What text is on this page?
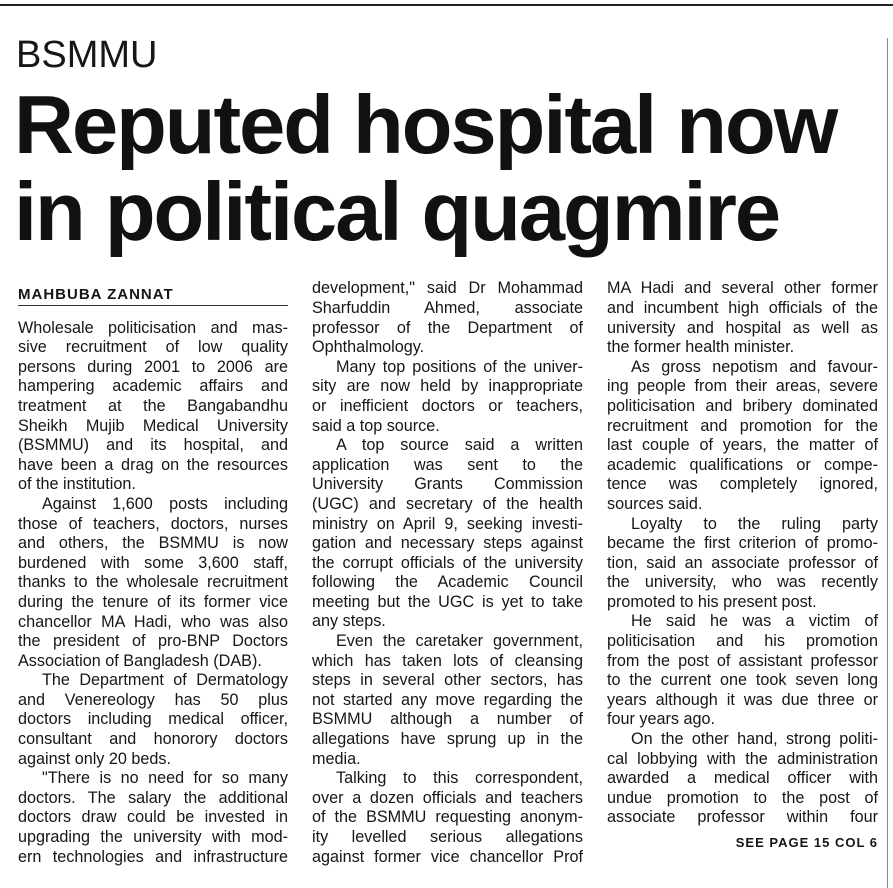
BSMMU
Reputed hospital now
in political quagmire
MAHBUBA ZANNAT
Wholesale politicisation and mas-
sive recruitment of low quality
persons during 2001 to 2006 are
hampering academic affairs and
treatment at the Bangabandhu
Sheikh Mujib Medical University
(BSMMU) and its hospital, and
have been a drag on the resources
of the institution.
Against 1,600 posts including
those of teachers, doctors, nurses
and others, the BSMMU is now
burdened with some 3,600 staff,
thanks to the wholesale recruitment
during the tenure of its former vice
chancellor MA Hadi, who was also
the president of pro-BNP Doctors
Association of Bangladesh (DAB).
The Department of Dermatology
and Venereology has 50 plus
doctors including medical officer,
consultant and honorory doctors
against only 20 beds.
"There is no need for so many
doctors. The salary the additional
doctors draw could be invested in
upgrading the university with mod-
ern technologies and infrastructure
development," said Dr Mohammad
Sharfuddin Ahmed, associate
professor of the Department of
Ophthalmology.
Many top positions of the univer-
sity are now held by inappropriate
or inefficient doctors or teachers,
said a top source.
A top source said a written
application was sent to the
University Grants Commission
(UGC) and secretary of the health
ministry on April 9, seeking investi-
gation and necessary steps against
the corrupt officials of the university
following the Academic Council
meeting but the UGC is yet to take
any steps.
Even the caretaker government,
which has taken lots of cleansing
steps in several other sectors, has
not started any move regarding the
BSMMU although a number of
allegations have sprung up in the
media.
Talking to this correspondent,
over a dozen officials and teachers
of the BSMMU requesting anonym-
ity levelled serious allegations
against former vice chancellor Prof
MA Hadi and several other former
and incumbent high officials of the
university and hospital as well as
the former health minister.
As gross nepotism and favour-
ing people from their areas, severe
politicisation and bribery dominated
recruitment and promotion for the
last couple of years, the matter of
academic qualifications or compe-
tence was completely ignored,
sources said.
Loyalty to the ruling party
became the first criterion of promo-
tion, said an associate professor of
the university, who was recently
promoted to his present post.
He said he was a victim of
politicisation and his promotion
from the post of assistant professor
to the current one took seven long
years although it was due three or
four years ago.
On the other hand, strong politi-
cal lobbying with the administration
awarded a medical officer with
undue promotion to the post of
associate professor within four
SEE PAGE 15 COL 6
